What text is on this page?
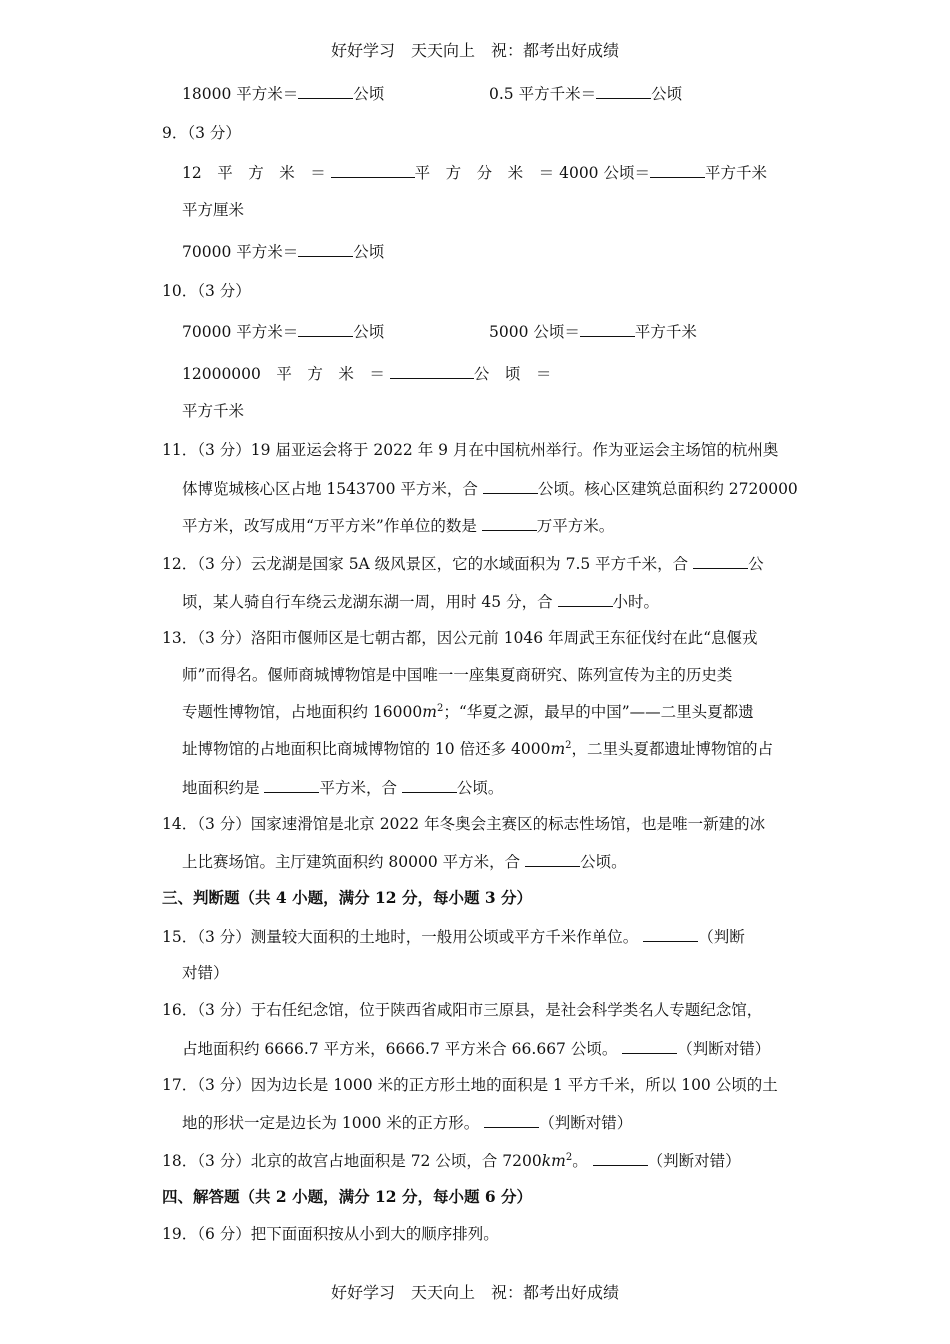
好好学习　天天向上　祝：都考出好成绩
18000 平方米＝	公顷	0.5 平方千米＝	公顷
9．（3 分）
12　平　方　米　＝	平　方　分　米　＝ 4000 公顷＝	平方千米
平方厘米
70000 平方米＝	公顷
10．（3 分）
70000 平方米＝	公顷	5000 公顷＝	平方千米
12000000　平　方　米　＝	公　顷　＝
平方千米
11．（3 分）19 届亚运会将于 2022 年 9 月在中国杭州举行。作为亚运会主场馆的杭州奥
体博览城核心区占地 1543700 平方米，合	公顷。核心区建筑总面积约 2720000
平方米，改写成用“万平方米”作单位的数是	万平方米。
12．（3 分）云龙湖是国家 5A 级风景区，它的水域面积为 7.5 平方千米，合	公
顷，某人骑自行车绕云龙湖东湖一周，用时 45 分，合	小时。
13．（3 分）洛阳市偃师区是七朝古都，因公元前 1046 年周武王东征伐纣在此“息偃戎
师”而得名。偃师商城博物馆是中国唯一一座集夏商研究、陈列宣传为主的历史类
专题性博物馆，占地面积约 $16000m^2$；“华夏之源，最早的中国”——二里头夏都遗
址博物馆的占地面积比商城博物馆的 10 倍还多 $4000m^2$，二里头夏都遗址博物馆的占
地面积约是	平方米，合	公顷。
14．（3 分）国家速滑馆是北京 2022 年冬奥会主赛区的标志性场馆，也是唯一新建的冰
上比赛场馆。主厅建筑面积约 80000 平方米，合	公顷。
三、判断题（共 4 小题，满分 12 分，每小题 3 分）
15．（3 分）测量较大面积的土地时，一般用公顷或平方千米作单位。	（判断
对错）
16．（3 分）于右任纪念馆，位于陕西省咸阳市三原县，是社会科学类名人专题纪念馆，
占地面积约 6666.7 平方米，6666.7 平方米合 66.667 公顷。	（判断对错）
17．（3 分）因为边长是 1000 米的正方形土地的面积是 1 平方千米，所以 100 公顷的土
地的形状一定是边长为 1000 米的正方形。	（判断对错）
18．（3 分）北京的故宫占地面积是 72 公顷，合 $7200km^2$。	（判断对错）
四、解答题（共 2 小题，满分 12 分，每小题 6 分）
19．（6 分）把下面面积按从小到大的顺序排列。
好好学习　天天向上　祝：都考出好成绩
